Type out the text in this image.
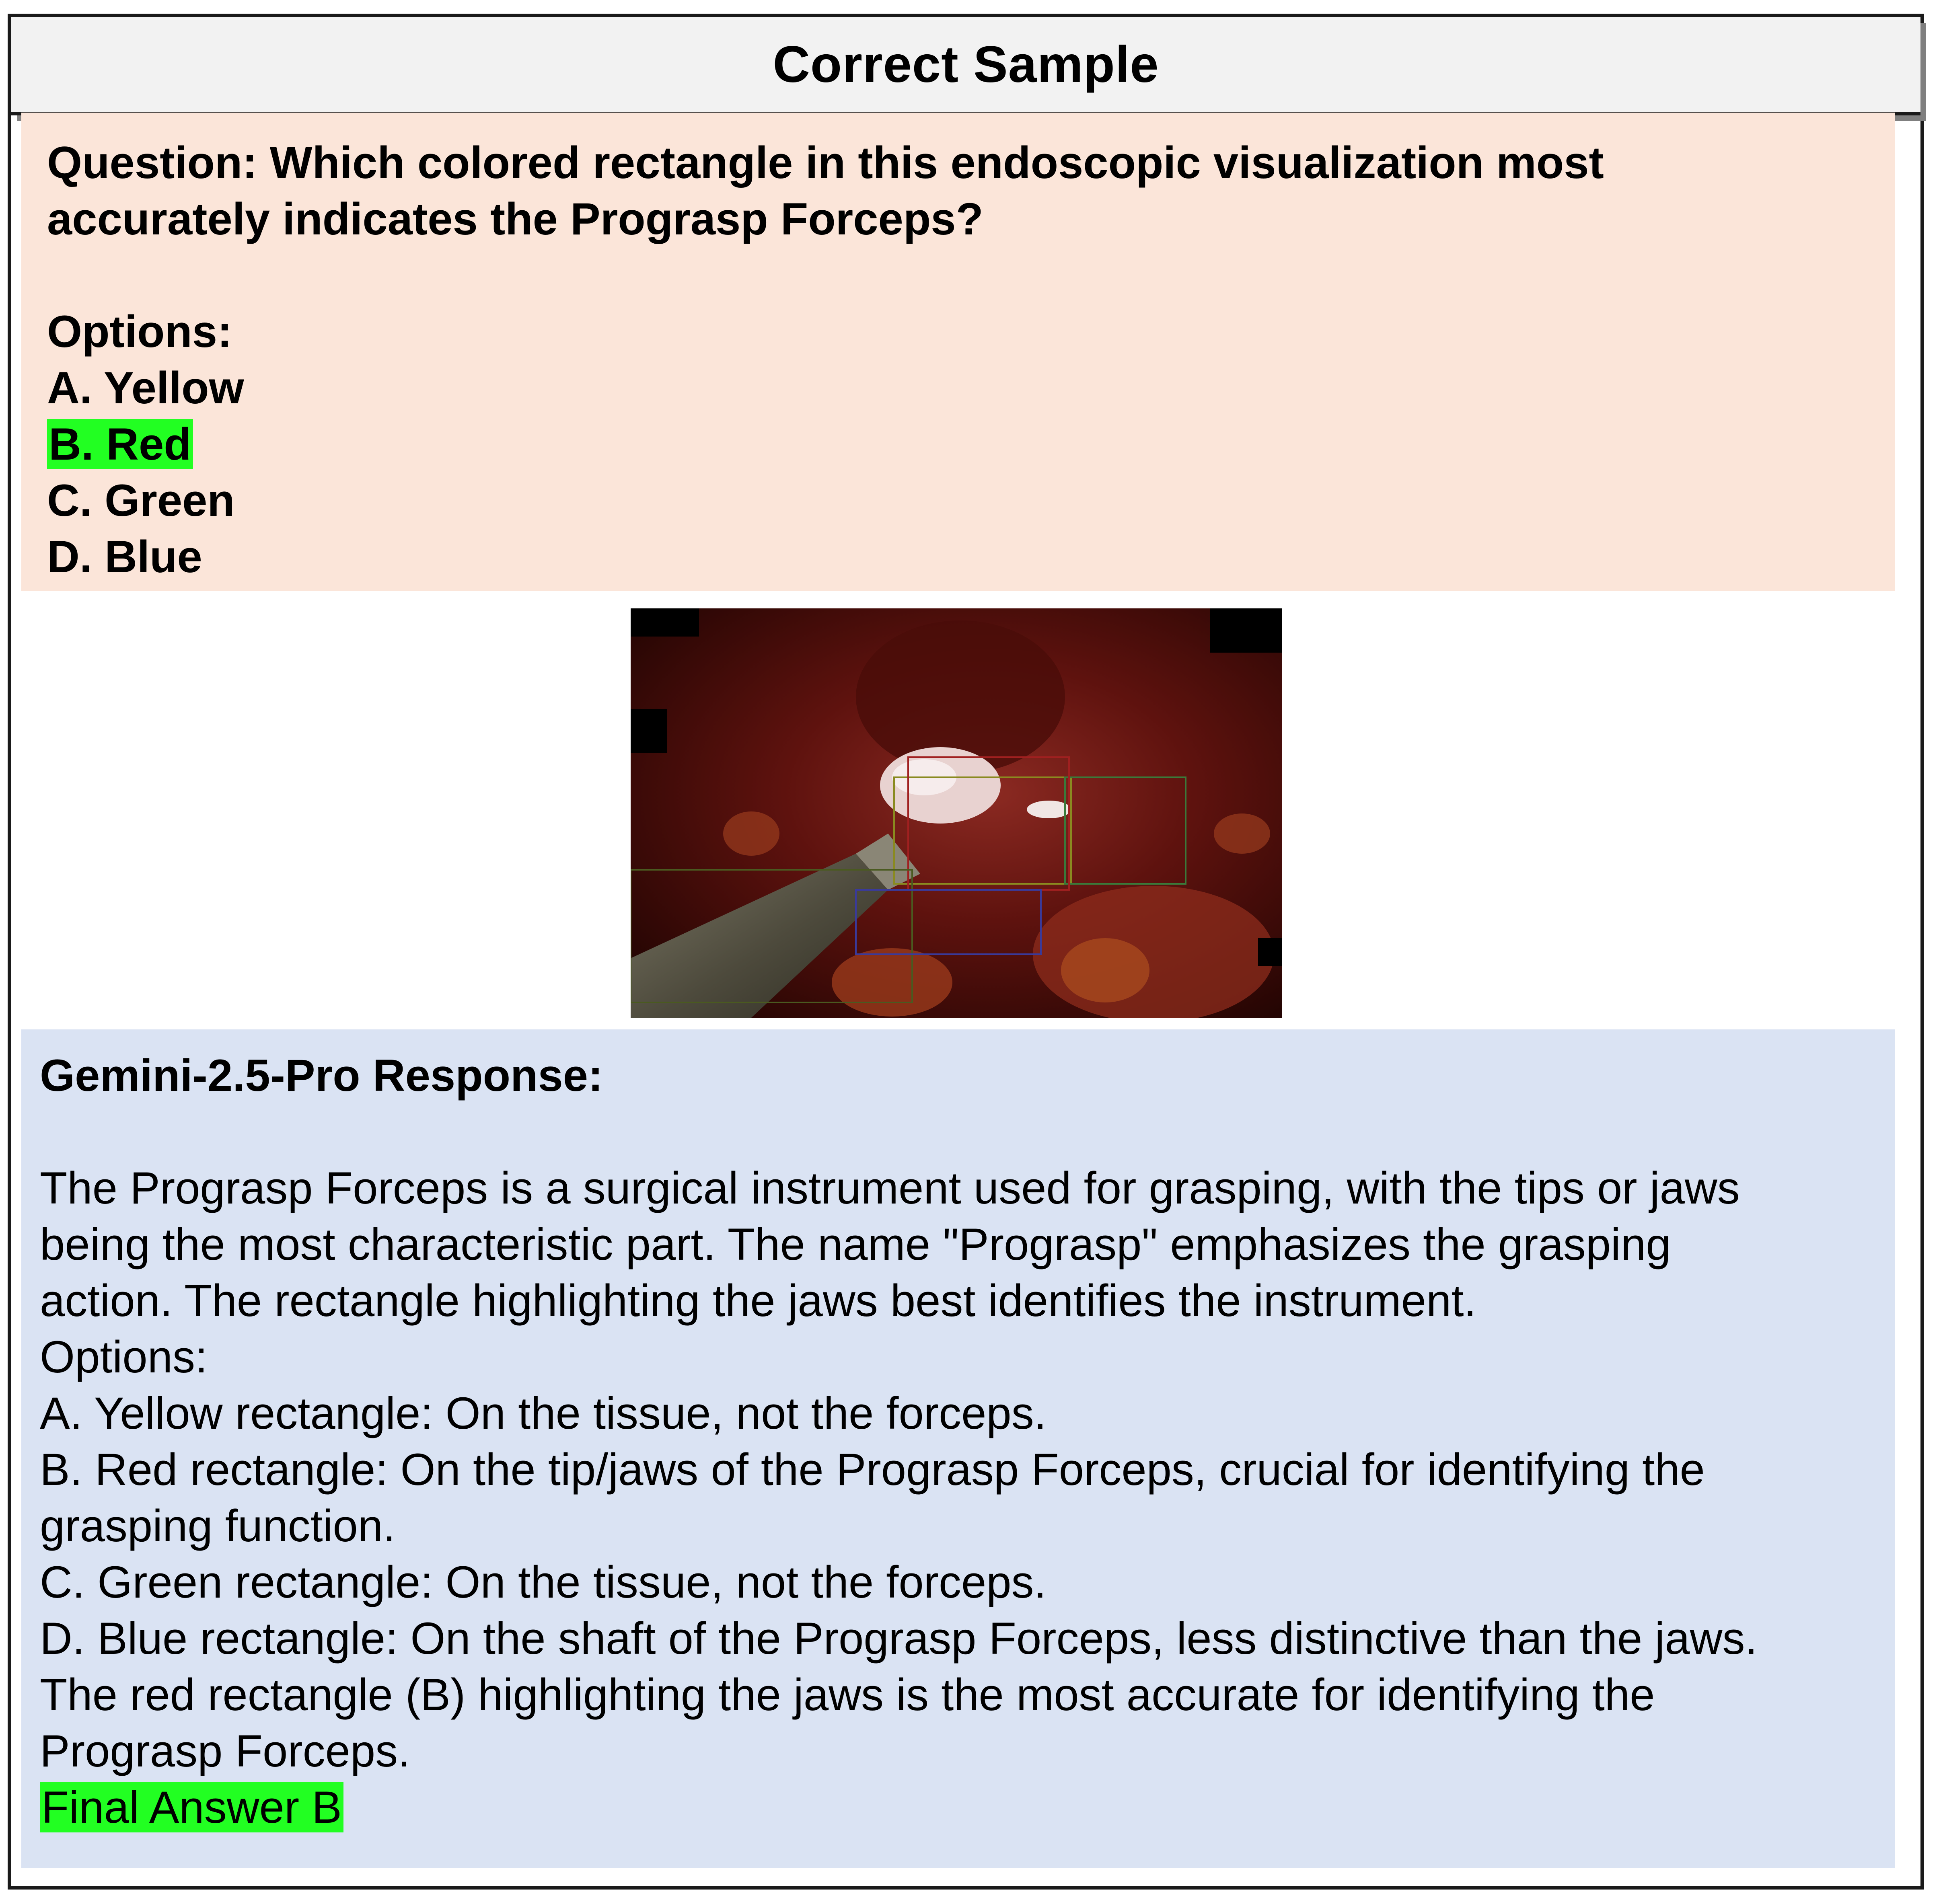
Correct Sample
Question: Which colored rectangle in this endoscopic visualization most
accurately indicates the Prograsp Forceps?
Options:
A. Yellow
B. Red
C. Green
D. Blue
Gemini-2.5-Pro Response:
The Prograsp Forceps is a surgical instrument used for grasping, with the tips or jaws
being the most characteristic part. The name "Prograsp" emphasizes the grasping
action. The rectangle highlighting the jaws best identifies the instrument.
Options:
A. Yellow rectangle: On the tissue, not the forceps.
B. Red rectangle: On the tip/jaws of the Prograsp Forceps, crucial for identifying the
grasping function.
C. Green rectangle: On the tissue, not the forceps.
D. Blue rectangle: On the shaft of the Prograsp Forceps, less distinctive than the jaws.
The red rectangle (B) highlighting the jaws is the most accurate for identifying the
Prograsp Forceps.
Final Answer B
